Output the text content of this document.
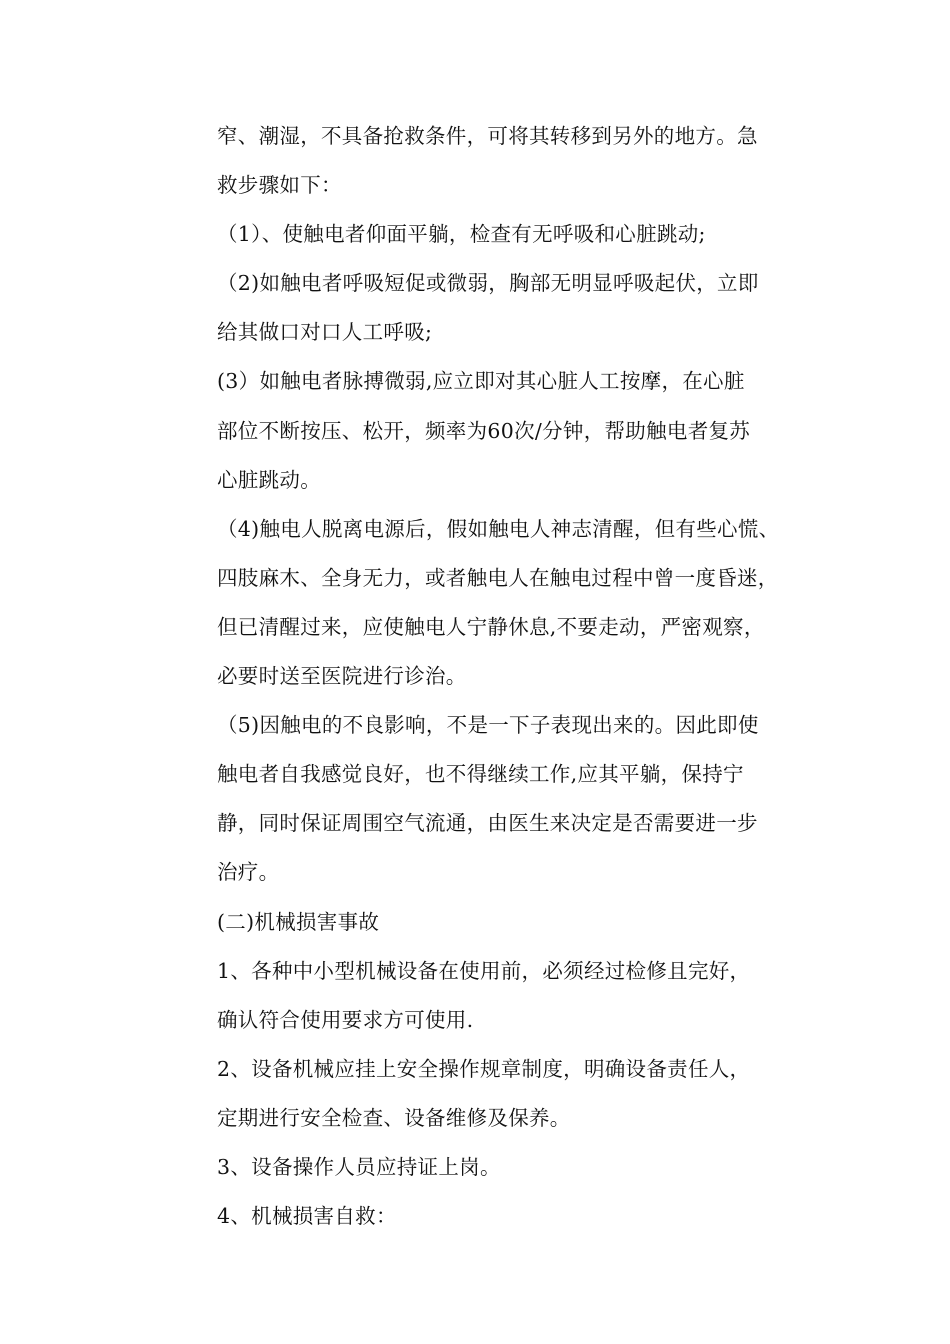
窄、潮湿，不具备抢救条件，可将其转移到另外的地方。急
救步骤如下：
（1）、使触电者仰面平躺，检查有无呼吸和心脏跳动;
（2)如触电者呼吸短促或微弱，胸部无明显呼吸起伏，立即
给其做口对口人工呼吸;
(3）如触电者脉搏微弱,应立即对其心脏人工按摩，在心脏
部位不断按压、松开，频率为60次/分钟，帮助触电者复苏
心脏跳动。
（4)触电人脱离电源后，假如触电人神志清醒，但有些心慌、
四肢麻木、全身无力，或者触电人在触电过程中曾一度昏迷，
但已清醒过来，应使触电人宁静休息,不要走动，严密观察，
必要时送至医院进行诊治。
（5)因触电的不良影响，不是一下子表现出来的。因此即使
触电者自我感觉良好，也不得继续工作,应其平躺，保持宁
静，同时保证周围空气流通，由医生来决定是否需要进一步
治疗。
(二)机械损害事故
1、各种中小型机械设备在使用前，必须经过检修且完好，
确认符合使用要求方可使用.
2、设备机械应挂上安全操作规章制度，明确设备责任人，
定期进行安全检查、设备维修及保养。
3、设备操作人员应持证上岗。
4、机械损害自救：
